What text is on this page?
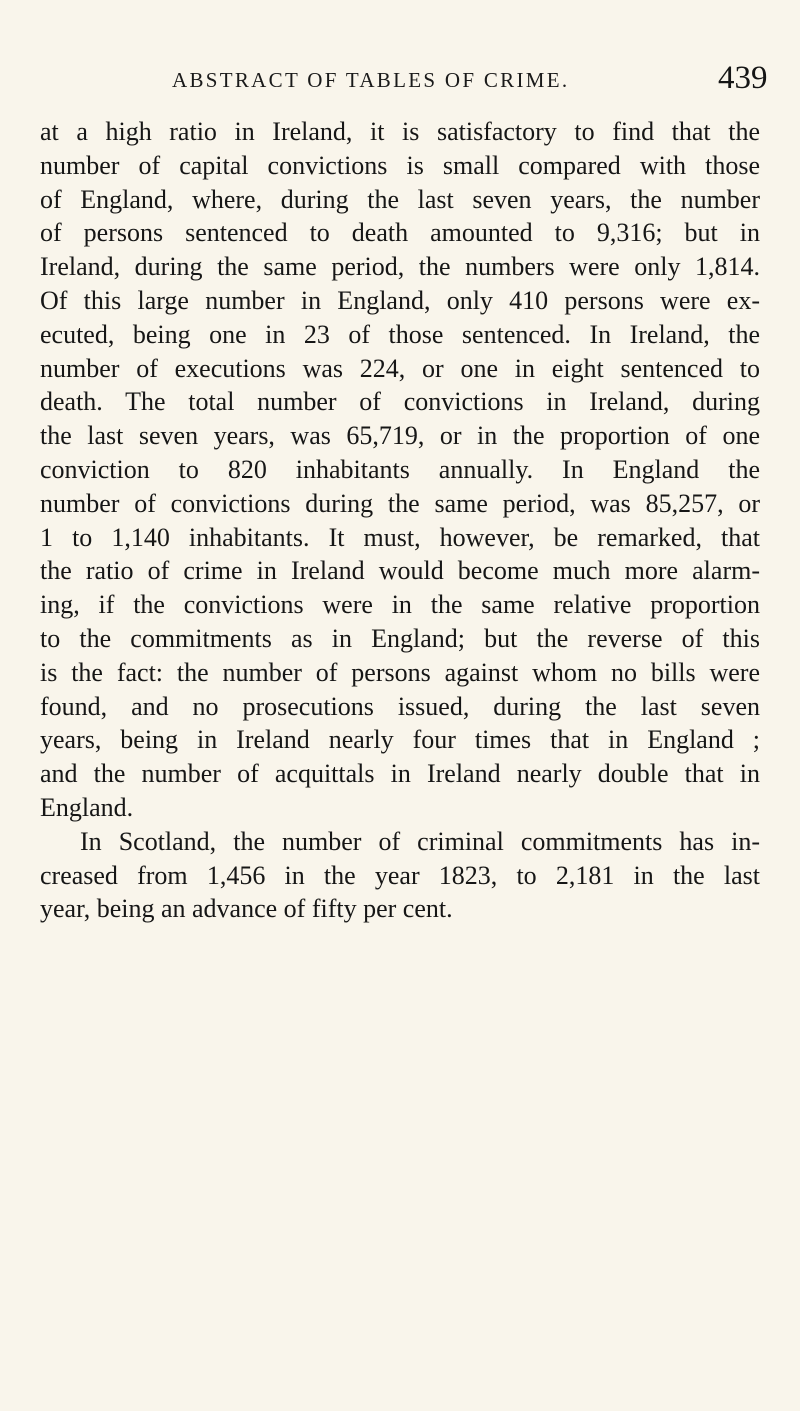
ABSTRACT OF TABLES OF CRIME.	439
at a high ratio in Ireland, it is satisfactory to find that the
number of capital convictions is small compared with those
of England, where, during the last seven years, the number
of persons sentenced to death amounted to 9,316; but in
Ireland, during the same period, the numbers were only 1,814.
Of this large number in England, only 410 persons were ex-
ecuted, being one in 23 of those sentenced. In Ireland, the
number of executions was 224, or one in eight sentenced to
death. The total number of convictions in Ireland, during
the last seven years, was 65,719, or in the proportion of one
conviction to 820 inhabitants annually. In England the
number of convictions during the same period, was 85,257, or
1 to 1,140 inhabitants. It must, however, be remarked, that
the ratio of crime in Ireland would become much more alarm-
ing, if the convictions were in the same relative proportion
to the commitments as in England; but the reverse of this
is the fact: the number of persons against whom no bills were
found, and no prosecutions issued, during the last seven
years, being in Ireland nearly four times that in England ;
and the number of acquittals in Ireland nearly double that in
England.
In Scotland, the number of criminal commitments has in-
creased from 1,456 in the year 1823, to 2,181 in the last
year, being an advance of fifty per cent.
